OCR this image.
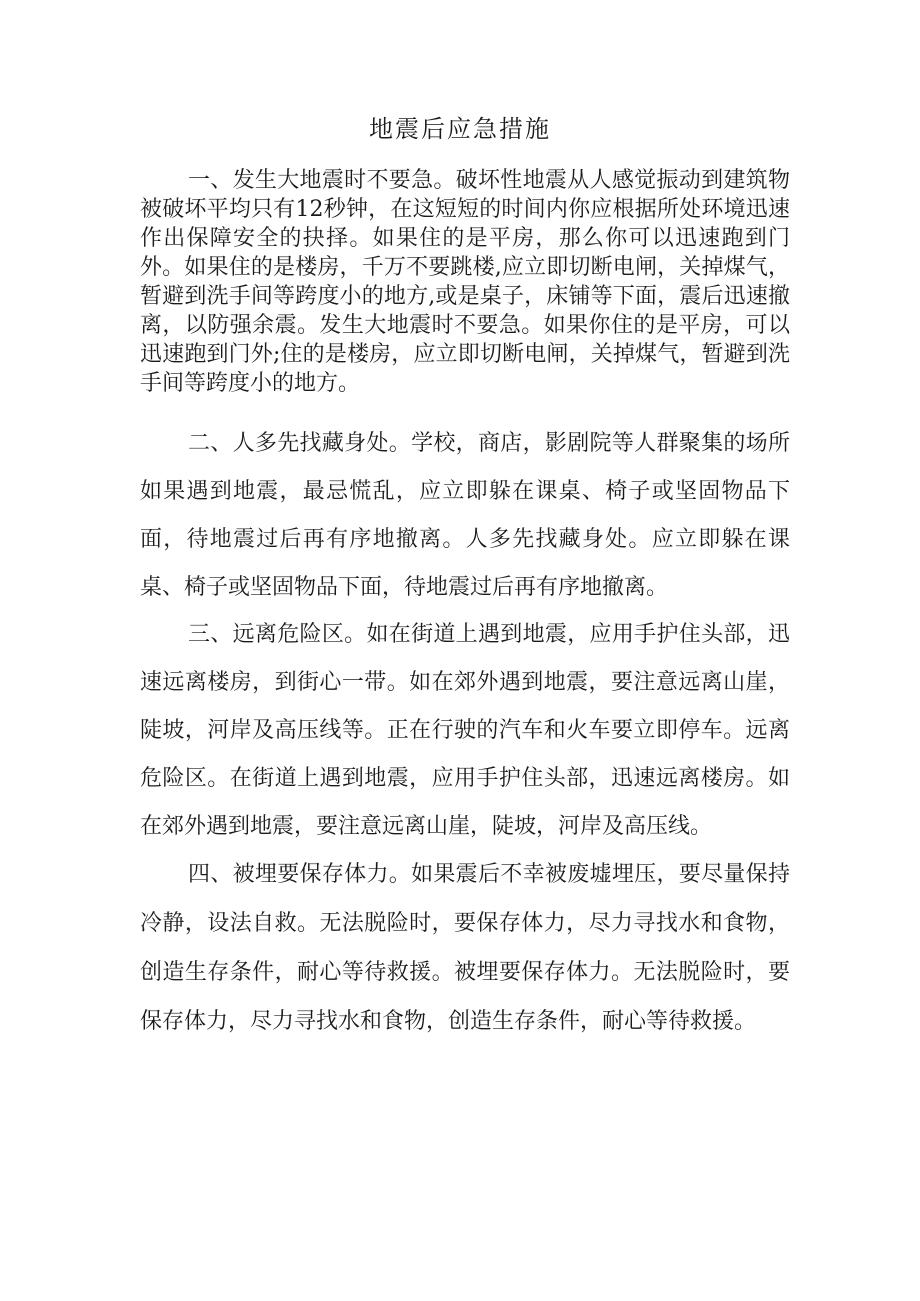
地震后应急措施

一、发生大地震时不要急。破坏性地震从人感觉振动到建筑物被破坏平均只有12秒钟，在这短短的时间内你应根据所处环境迅速作出保障安全的抉择。如果住的是平房，那么你可以迅速跑到门外。如果住的是楼房，千万不要跳楼,应立即切断电闸，关掉煤气，暂避到洗手间等跨度小的地方,或是桌子，床铺等下面，震后迅速撤离，以防强余震。发生大地震时不要急。如果你住的是平房，可以迅速跑到门外;住的是楼房，应立即切断电闸，关掉煤气，暂避到洗手间等跨度小的地方。

二、人多先找藏身处。学校，商店，影剧院等人群聚集的场所如果遇到地震，最忌慌乱，应立即躲在课桌、椅子或坚固物品下面，待地震过后再有序地撤离。人多先找藏身处。应立即躲在课桌、椅子或坚固物品下面，待地震过后再有序地撤离。

三、远离危险区。如在街道上遇到地震，应用手护住头部，迅速远离楼房，到街心一带。如在郊外遇到地震，要注意远离山崖，陡坡，河岸及高压线等。正在行驶的汽车和火车要立即停车。远离危险区。在街道上遇到地震，应用手护住头部，迅速远离楼房。如在郊外遇到地震，要注意远离山崖，陡坡，河岸及高压线。

四、被埋要保存体力。如果震后不幸被废墟埋压，要尽量保持冷静，设法自救。无法脱险时，要保存体力，尽力寻找水和食物，创造生存条件，耐心等待救援。被埋要保存体力。无法脱险时，要保存体力，尽力寻找水和食物，创造生存条件，耐心等待救援。
